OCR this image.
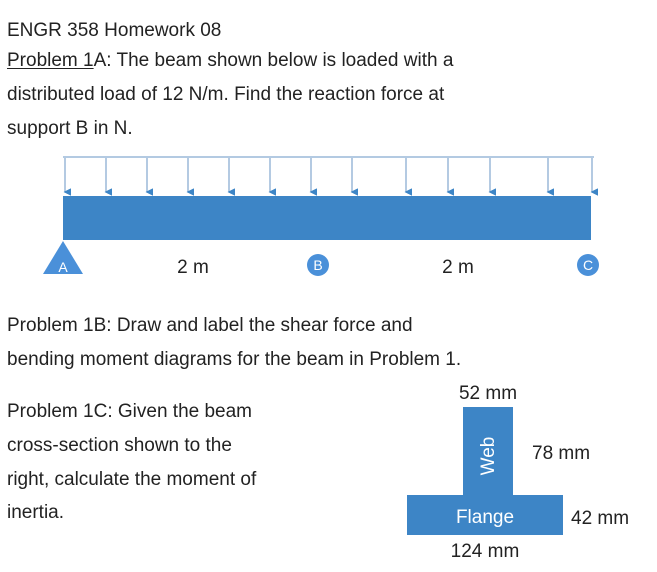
ENGR 358 Homework 08
Problem 1A: The beam shown below is loaded with a
distributed load of 12 N/m. Find the reaction force at
support B in N.
A	B	C
2 m	2 m
Problem 1B: Draw and label the shear force and
bending moment diagrams for the beam in Problem 1.
Problem 1C: Given the beam
cross-section shown to the
right, calculate the moment of
inertia.
Web
Flange
52 mm
78 mm
42 mm
124 mm
